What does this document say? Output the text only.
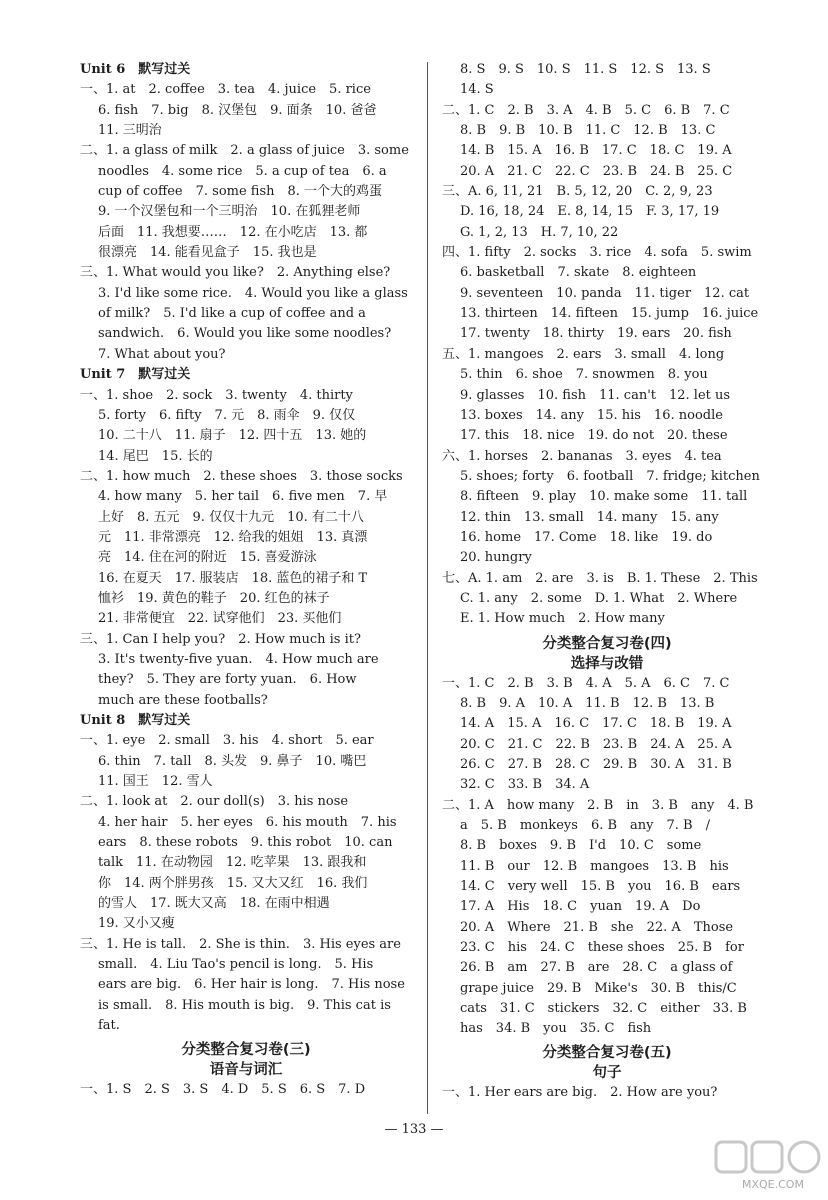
Unit 6　默写过关
一、1. at　2. coffee　3. tea　4. juice　5. rice
6. fish　7. big　8. 汉堡包　9. 面条　10. 爸爸
11. 三明治
二、1. a glass of milk　2. a glass of juice　3. some
noodles　4. some rice　5. a cup of tea　6. a
cup of coffee　7. some fish　8. 一个大的鸡蛋
9. 一个汉堡包和一个三明治　10. 在狐狸老师
后面　11. 我想要……　12. 在小吃店　13. 都
很漂亮　14. 能看见盒子　15. 我也是
三、1. What would you like?　2. Anything else?
3. I'd like some rice.　4. Would you like a glass
of milk?　5. I'd like a cup of coffee and a
sandwich.　6. Would you like some noodles?
7. What about you?
Unit 7　默写过关
一、1. shoe　2. sock　3. twenty　4. thirty
5. forty　6. fifty　7. 元　8. 雨伞　9. 仅仅
10. 二十八　11. 扇子　12. 四十五　13. 她的
14. 尾巴　15. 长的
二、1. how much　2. these shoes　3. those socks
4. how many　5. her tail　6. five men　7. 早
上好　8. 五元　9. 仅仅十九元　10. 有二十八
元　11. 非常漂亮　12. 给我的姐姐　13. 真漂
亮　14. 住在河的附近　15. 喜爱游泳
16. 在夏天　17. 服装店　18. 蓝色的裙子和 T
恤衫　19. 黄色的鞋子　20. 红色的袜子
21. 非常便宜　22. 试穿他们　23. 买他们
三、1. Can I help you?　2. How much is it?
3. It's twenty-five yuan.　4. How much are
they?　5. They are forty yuan.　6. How
much are these footballs?
Unit 8　默写过关
一、1. eye　2. small　3. his　4. short　5. ear
6. thin　7. tall　8. 头发　9. 鼻子　10. 嘴巴
11. 国王　12. 雪人
二、1. look at　2. our doll(s)　3. his nose
4. her hair　5. her eyes　6. his mouth　7. his
ears　8. these robots　9. this robot　10. can
talk　11. 在动物园　12. 吃苹果　13. 跟我和
你　14. 两个胖男孩　15. 又大又红　16. 我们
的雪人　17. 既大又高　18. 在雨中相遇
19. 又小又瘦
三、1. He is tall.　2. She is thin.　3. His eyes are
small.　4. Liu Tao's pencil is long.　5. His
ears are big.　6. Her hair is long.　7. His nose
is small.　8. His mouth is big.　9. This cat is
fat.
分类整合复习卷(三)
语音与词汇
一、1. S　2. S　3. S　4. D　5. S　6. S　7. D
8. S　9. S　10. S　11. S　12. S　13. S
14. S
二、1. C　2. B　3. A　4. B　5. C　6. B　7. C
8. B　9. B　10. B　11. C　12. B　13. C
14. B　15. A　16. B　17. C　18. C　19. A
20. A　21. C　22. C　23. B　24. B　25. C
三、A. 6, 11, 21　B. 5, 12, 20　C. 2, 9, 23
D. 16, 18, 24　E. 8, 14, 15　F. 3, 17, 19
G. 1, 2, 13　H. 7, 10, 22
四、1. fifty　2. socks　3. rice　4. sofa　5. swim
6. basketball　7. skate　8. eighteen
9. seventeen　10. panda　11. tiger　12. cat
13. thirteen　14. fifteen　15. jump　16. juice
17. twenty　18. thirty　19. ears　20. fish
五、1. mangoes　2. ears　3. small　4. long
5. thin　6. shoe　7. snowmen　8. you
9. glasses　10. fish　11. can't　12. let us
13. boxes　14. any　15. his　16. noodle
17. this　18. nice　19. do not　20. these
六、1. horses　2. bananas　3. eyes　4. tea
5. shoes; forty　6. football　7. fridge; kitchen
8. fifteen　9. play　10. make some　11. tall
12. thin　13. small　14. many　15. any
16. home　17. Come　18. like　19. do
20. hungry
七、A. 1. am　2. are　3. is　B. 1. These　2. This
C. 1. any　2. some　D. 1. What　2. Where
E. 1. How much　2. How many
分类整合复习卷(四)
选择与改错
一、1. C　2. B　3. B　4. A　5. A　6. C　7. C
8. B　9. A　10. A　11. B　12. B　13. B
14. A　15. A　16. C　17. C　18. B　19. A
20. C　21. C　22. B　23. B　24. A　25. A
26. C　27. B　28. C　29. B　30. A　31. B
32. C　33. B　34. A
二、1. A　how many　2. B　in　3. B　any　4. B
a　5. B　monkeys　6. B　any　7. B　/
8. B　boxes　9. B　I'd　10. C　some
11. B　our　12. B　mangoes　13. B　his
14. C　very well　15. B　you　16. B　ears
17. A　His　18. C　yuan　19. A　Do
20. A　Where　21. B　she　22. A　Those
23. C　his　24. C　these shoes　25. B　for
26. B　am　27. B　are　28. C　a glass of
grape juice　29. B　Mike's　30. B　this/C
cats　31. C　stickers　32. C　either　33. B
has　34. B　you　35. C　fish
分类整合复习卷(五)
句子
一、1. Her ears are big.　2. How are you?
— 133 —
MXQE.COM
